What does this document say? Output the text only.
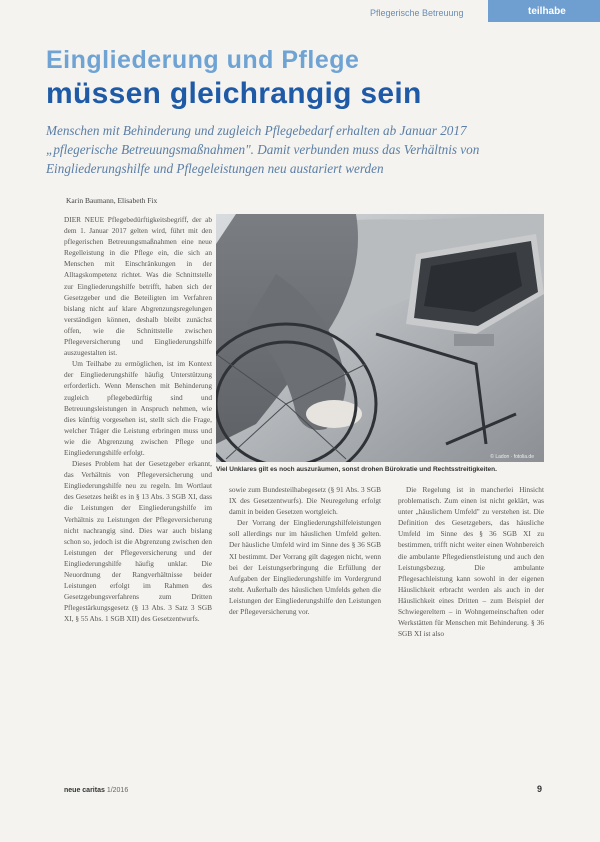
Pflegerische Betreuung	teilhabe
Eingliederung und Pflege
müssen gleichrangig sein
Menschen mit Behinderung und zugleich Pflegebedarf erhalten ab Januar 2017
„pflegerische Betreuungsmaßnahmen". Damit verbunden muss das Verhältnis von
Eingliederungshilfe und Pflegeleistungen neu austariert werden
Karin Baumann, Elisabeth Fix

DIER NEUE Pflegebedürftigkeitsbegriff, der ab dem 1. Januar 2017 gelten wird, führt mit den pflegerischen Betreuungsmaßnahmen eine neue Regelleistung in die Pflege ein, die sich an Menschen mit Einschränkungen in der Alltagskompetenz richtet. Was die Schnittstelle zur Eingliederungshilfe betrifft, haben sich der Gesetzgeber und die Beteiligten im Verfahren bislang nicht auf klare Abgrenzungsregelungen verständigen können, deshalb bleibt zunächst offen, wie die Schnittstelle zwischen Pflegeversicherung und Eingliederungshilfe auszugestalten ist.

Um Teilhabe zu ermöglichen, ist im Kontext der Eingliederungshilfe häufig Unterstützung erforderlich. Wenn Menschen mit Behinderung zugleich pflegebedürftig sind und Betreuungsleistungen in Anspruch nehmen, wie dies künftig vorgesehen ist, stellt sich die Frage, welcher Träger die Leistung erbringen muss und wie die Abgrenzung zwischen Pflege und Eingliederungshilfe erfolgt.

Dieses Problem hat der Gesetzgeber erkannt, das Verhältnis von Pflegeversicherung und Eingliederungshilfe neu zu regeln. Im Wortlaut des Gesetzes heißt es in § 13 Abs. 3 SGB XI, dass die Leistungen der Eingliederungshilfe im Verhältnis zu Leistungen der Pflegeversicherung nicht nachrangig sind. Dies war auch bislang schon so, jedoch ist die Abgrenzung zwischen den Leistungen der Pflegeversicherung und der Eingliederungshilfe häufig unklar. Die Neuordnung der Rangverhältnisse beider Leistungen erfolgt im Rahmen des Gesetzgebungsverfahrens zum Dritten Pflegestärkungsgesetz (§ 13 Abs. 3 Satz 3 SGB XI, § 55 Abs. 1 SGB XII) des Gesetzentwurfs.

© Ladon · fotolia.de
Viel Unklares gilt es noch auszuräumen, sonst drohen Bürokratie und Rechtsstreitigkeiten.

sowie zum Bundesteilhabegesetz (§ 91 Abs. 3 SGB IX des Gesetzentwurfs). Die Neuregelung erfolgt damit in beiden Gesetzen wortgleich.

Der Vorrang der Eingliederungshilfeleistungen soll allerdings nur im häuslichen Umfeld gelten. Der häusliche Umfeld wird im Sinne des § 36 SGB XI bestimmt. Der Vorrang gilt dagegen nicht, wenn bei der Leistungserbringung die Erfüllung der Aufgaben der Eingliederungshilfe im Vordergrund steht. Außerhalb des häuslichen Umfelds gehen die Leistungen der Eingliederungshilfe den Leistungen der Pflegeversicherung vor.

Die Regelung ist in mancherlei Hinsicht problematisch. Zum einen ist nicht geklärt, was unter „häuslichem Umfeld" zu verstehen ist. Die Definition des Gesetzgebers, das häusliche Umfeld im Sinne des § 36 SGB XI zu bestimmen, trifft nicht weiter einen Wohnbereich die ambulante Pflegedienstleistung und auch den Leistungsbezug. Die ambulante Pflegesachleistung kann sowohl in der eigenen Häuslichkeit erbracht werden als auch in der Häuslichkeit eines Dritten – zum Beispiel der Schwiegereltern – in Wohngemeinschaften oder Werkstätten für Menschen mit Behinderung. § 36 SGB XI ist also

neue caritas 1/2016	9
